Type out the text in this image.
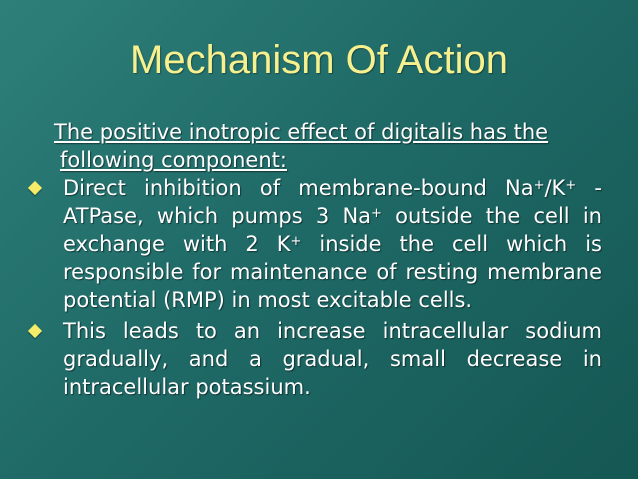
Mechanism Of Action

The positive inotropic effect of digitalis has the following component:

Direct inhibition of membrane-bound Na+/K+ -ATPase, which pumps 3 Na+ outside the cell in exchange with 2 K+ inside the cell which is responsible for maintenance of resting membrane potential (RMP) in most excitable cells.

This leads to an increase intracellular sodium gradually, and a gradual, small decrease in intracellular potassium.
